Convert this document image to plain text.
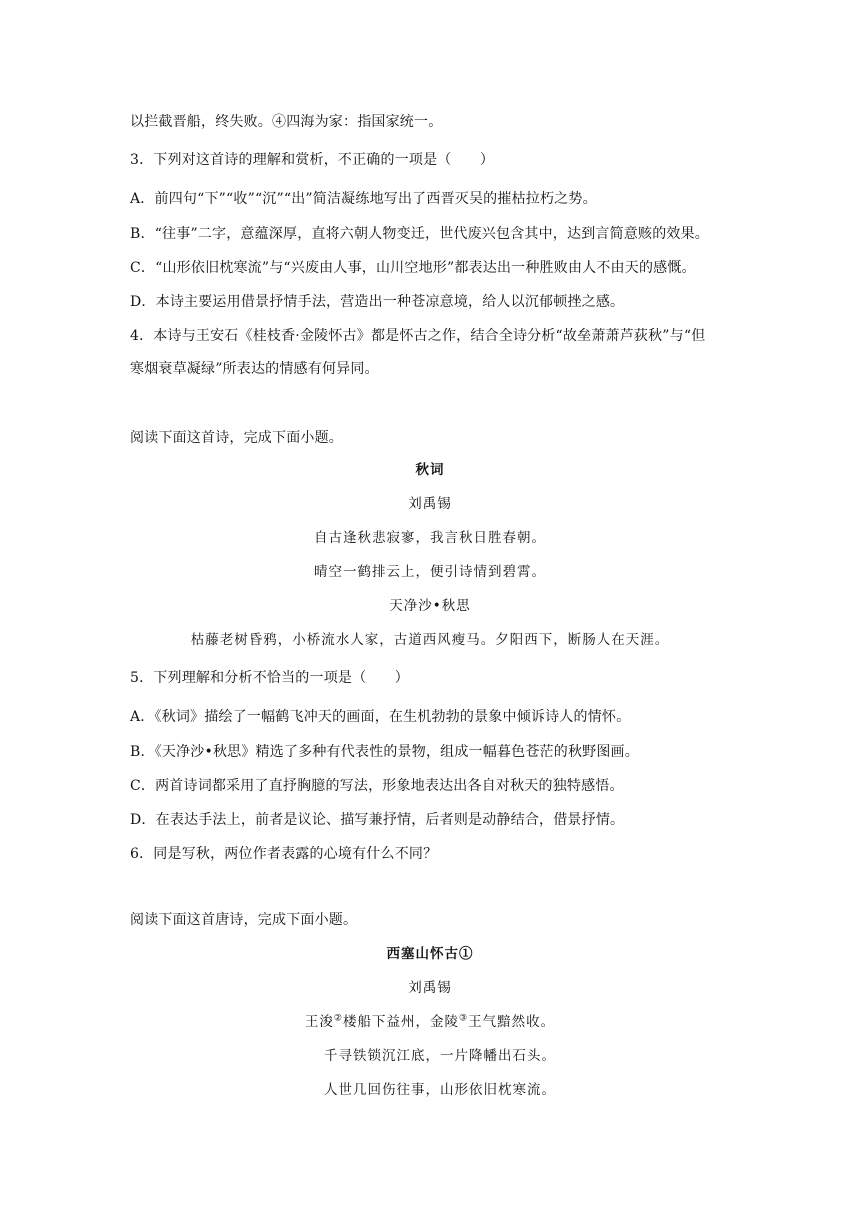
以拦截晋船，终失败。④四海为家：指国家统一。
3．下列对这首诗的理解和赏析，不正确的一项是（　　）
A．前四句“下”“收”“沉”“出”简洁凝练地写出了西晋灭吴的摧枯拉朽之势。
B．“往事”二字，意蕴深厚，直将六朝人物变迁，世代废兴包含其中，达到言简意赅的效果。
C．“山形依旧枕寒流”与“兴废由人事，山川空地形”都表达出一种胜败由人不由天的感慨。
D．本诗主要运用借景抒情手法，营造出一种苍凉意境，给人以沉郁顿挫之感。
4．本诗与王安石《桂枝香·金陵怀古》都是怀古之作，结合全诗分析“故垒萧萧芦荻秋”与“但
寒烟衰草凝绿”所表达的情感有何异同。
阅读下面这首诗，完成下面小题。
秋词
刘禹锡
自古逢秋悲寂寥，我言秋日胜春朝。
晴空一鹤排云上，便引诗情到碧霄。
天净沙•秋思
枯藤老树昏鸦，小桥流水人家，古道西风瘦马。夕阳西下，断肠人在天涯。
5．下列理解和分析不恰当的一项是（　　）
A．《秋词》描绘了一幅鹤飞冲天的画面，在生机勃勃的景象中倾诉诗人的情怀。
B．《天净沙•秋思》精选了多种有代表性的景物，组成一幅暮色苍茫的秋野图画。
C．两首诗词都采用了直抒胸臆的写法，形象地表达出各自对秋天的独特感悟。
D．在表达手法上，前者是议论、描写兼抒情，后者则是动静结合，借景抒情。
6．同是写秋，两位作者表露的心境有什么不同？
阅读下面这首唐诗，完成下面小题。
西塞山怀古①
刘禹锡
王浚②楼船下益州，金陵③王气黯然收。
千寻铁锁沉江底，一片降幡出石头。
人世几回伤往事，山形依旧枕寒流。
